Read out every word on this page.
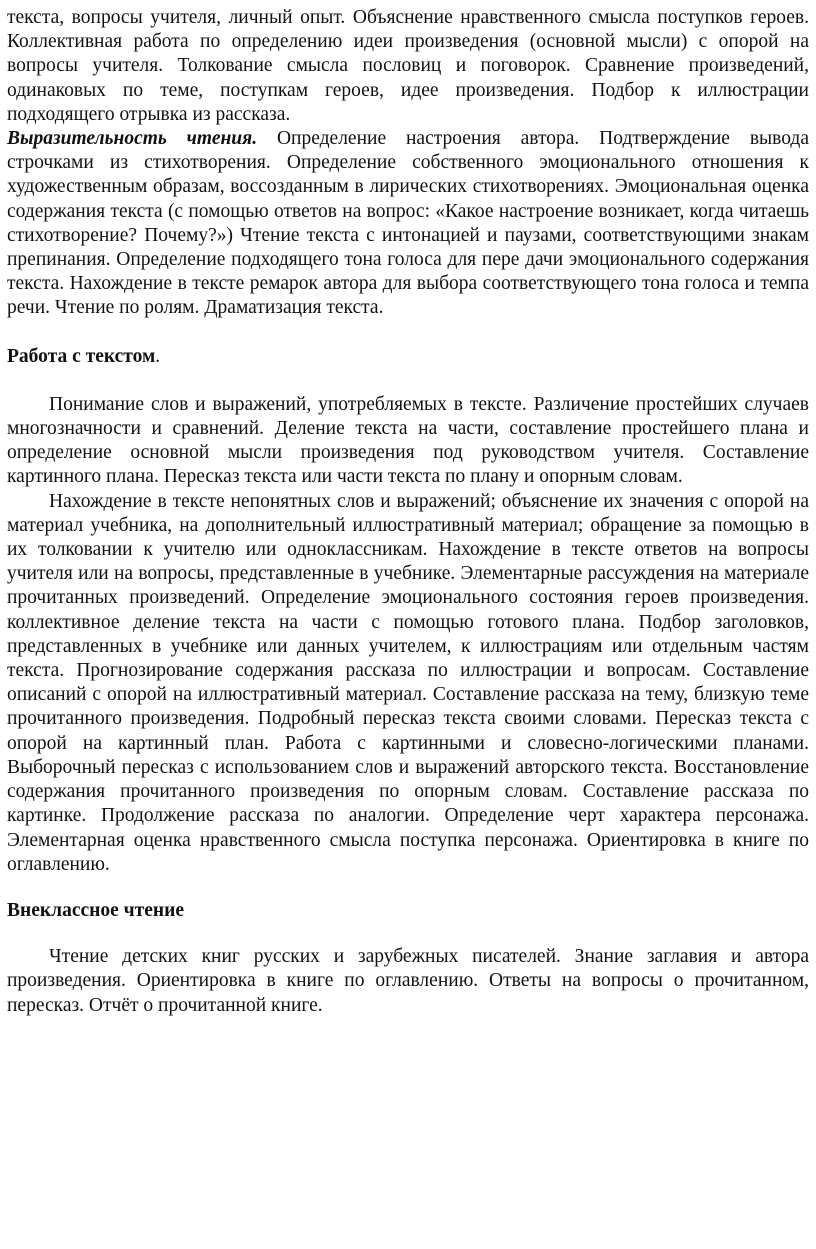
текста, вопросы учителя, личный опыт. Объяснение нравственного смысла поступков героев. Коллективная работа по определению идеи произведения (основной мысли) с опорой на вопросы учителя. Толкование смысла пословиц и поговорок. Сравнение произведений, одинаковых по теме, поступкам героев, идее произведения. Подбор к иллюстрации подходящего отрывка из рассказа.

Выразительность чтения. Определение настроения автора. Подтверждение вывода строчками из стихотворения. Определение собственного эмоционального отношения к художественным образам, воссозданным в лирических стихотворениях. Эмоциональная оценка содержания текста (с помощью ответов на вопрос: «Какое настроение возникает, когда читаешь стихотворение? Почему?») Чтение текста с интонацией и паузами, соответствующими знакам препинания. Определение подходящего тона голоса для пере дачи эмоционального содержания текста. Нахождение в тексте ремарок автора для выбора соответствующего тона голоса и темпа речи. Чтение по ролям. Драматизация текста.

Работа с текстом.

Понимание слов и выражений, употребляемых в тексте. Различение простейших случаев многозначности и сравнений. Деление текста на части, составление простейшего плана и определение основной мысли произведения под руководством учителя. Составление картинного плана. Пересказ текста или части текста по плану и опорным словам.

Нахождение в тексте непонятных слов и выражений; объяснение их значения с опорой на материал учебника, на дополнительный иллюстративный материал; обращение за помощью в их толковании к учителю или одноклассникам. Нахождение в тексте ответов на вопросы учителя или на вопросы, представленные в учебнике. Элементарные рассуждения на материале прочитанных произведений. Определение эмоционального состояния героев произведения. коллективное деление текста на части с помощью готового плана. Подбор заголовков, представленных в учебнике или данных учителем, к иллюстрациям или отдельным частям текста. Прогнозирование содержания рассказа по иллюстрации и вопросам. Составление описаний с опорой на иллюстративный материал. Составление рассказа на тему, близкую теме прочитанного произведения. Подробный пересказ текста своими словами. Пересказ текста с опорой на картинный план. Работа с картинными и словесно-логическими планами. Выборочный пересказ с использованием слов и выражений авторского текста. Восстановление содержания прочитанного произведения по опорным словам. Составление рассказа по картинке. Продолжение рассказа по аналогии. Определение черт характера персонажа. Элементарная оценка нравственного смысла поступка персонажа. Ориентировка в книге по оглавлению.

Внеклассное чтение

Чтение детских книг русских и зарубежных писателей. Знание заглавия и автора произведения. Ориентировка в книге по оглавлению. Ответы на вопросы о прочитанном, пересказ. Отчёт о прочитанной книге.
